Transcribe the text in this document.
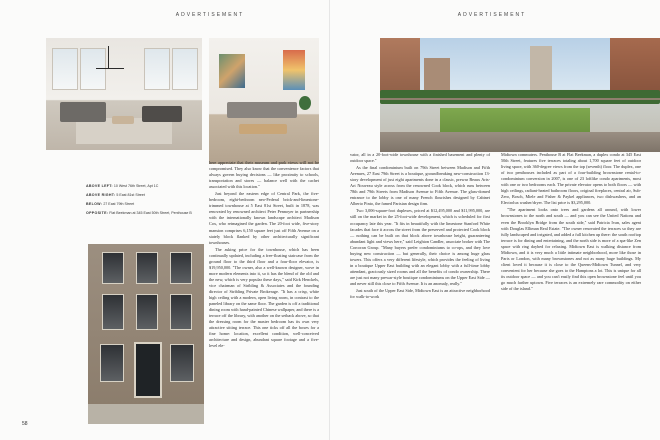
ADVERTISEMENT
ABOVE LEFT: 10 West 76th Street, Apt 1C
ABOVE RIGHT: 5 East 81st Street
BELOW: 27 East 79th Street
OPPOSITE: Flat Beekman at 345 East 50th Street, Penthouse B

here appreciate that their museum and park views will not be compromised. They also know that the convenience factors that always govern buying decisions — like proximity to schools, transportation and stores — balance well with the cachet associated with this location."

Just beyond the eastern edge of Central Park, the five-bedroom, eight-bedroom neo-Federal brick-and-limestone-trimmed townhouse at 5 East 81st Street, built in 1878, was renovated by renowned architect Peter Pennoyer in partnership with the internationally known landscape architect Madison Cox, who reimagined the garden. The 20-foot wide, five-story mansion comprises 6,150 square feet just off Fifth Avenue on a stately block flanked by other architecturally significant townhouses.

The asking price for the townhouse, which has been continually updated, including a free-floating staircase from the ground floor to the third floor and a four-floor elevator, is $19,950,000. "The owner, also a well-known designer, wove in more modern elements into it, so it has the blend of the old and the new, which is very popular these days," said Kirk Henckels, vice chairman of Stribling & Associates and the founding director of Stribling Private Brokerage. "It has a crisp, white high ceiling with a modern, open living room, in contrast to the paneled library on the same floor. The garden is off a traditional dining room with hand-painted Chinese wallpaper, and there is a terrace off the library, with another on the setback above, so that the dressing room for the master bedroom has its own very attractive sitting terrace. This one ticks off all the boxes for a fine home: location, excellent condition, well-conceived architecture and design, abundant square footage and a five-level ele-

58
ADVERTISEMENT

vator, all in a 20-foot-wide townhouse with a finished basement and plenty of outdoor space."

As the final condominium built on 79th Street between Madison and Fifth Avenues, 27 East 79th Street is a boutique, groundbreaking new-construction 13-story development of just eight apartments done in a classic, prewar Beaux Arts-Art Nouveau style across from the renowned Cook block, which runs between 78th and 79th Streets from Madison Avenue to Fifth Avenue. The glass-domed entrance to the lobby is one of many French flourishes designed by Cabinet Alberto Pinto, the famed Parisian design firm.

Two 3,006-square-foot duplexes, priced at $12,495,000 and $11,995,000, are still on the market in the 25-foot-wide development, which is scheduled for first occupancy late this year. "It fits in beautifully with the limestone Stanford White facades that face it across the street from the preserved and protected Cook block — nothing can be built on that block above townhouse height, guaranteeing abundant light and views here," said Leighton Candler, associate broker with The Corcoran Group. "Many buyers prefer condominiums to co-ops, and they love buying new construction — but generally, their choice is among huge glass towers. This offers a very different lifestyle, which provides the feeling of living in a boutique Upper East building with an elegant lobby with a full-time lobby attendant, graciously sized rooms and all the benefits of condo ownership. There are just not many prewar-style boutique condominiums on the Upper East Side — and never still this close to Fifth Avenue. It is an anomaly, really."

Just south of the Upper East Side, Midtown East is an attractive neighborhood for walk-to-work

Midtown commuters. Penthouse B at Flat Beekman, a duplex condo at 345 East 50th Street, features five terraces totaling about 1,700 square feet of outdoor living space, with 360-degree views from the top (seventh) floor. The duplex, one of two penthouses included as part of a four-building brownstone rental-to-condominium conversion in 2007, is one of 23 loftlike condo apartments, most with one or two bedrooms each. The private elevator opens to both floors — with high ceilings, radiant-heated bathroom floors, original fireplaces, central air, Sub-Zero, Bosch, Miele and Fisher & Paykel appliances, two dishwashers, and an Electrolux washer/dryer. The list price is $3,295,000.

"The apartment looks onto trees and gardens all around, with lower brownstones to the north and south — and you can see the United Nations and even the Brooklyn Bridge from the south side," said Patricia Ivan, sales agent with Douglas Elliman Real Estate. "The owner renovated the terraces so they are fully landscaped and irrigated, and added a full kitchen up there: the south rooftop terrace is for dining and entertaining, and the north side is more of a spa-like Zen space with ring daybed for relaxing. Midtown East is walking distance from Midtown, and it is very much a little intimate neighborhood, more like those in Paris or London, with many brownstones and not as many huge buildings. My client loved it because it is close to the Queens-Midtown Tunnel, and very convenient for her because she goes to the Hamptons a lot. This is unique for all its outdoor space — and you can't easily find this open brownstone feel until you go much farther uptown. Five terraces is an extremely rare commodity on either side of the island."
